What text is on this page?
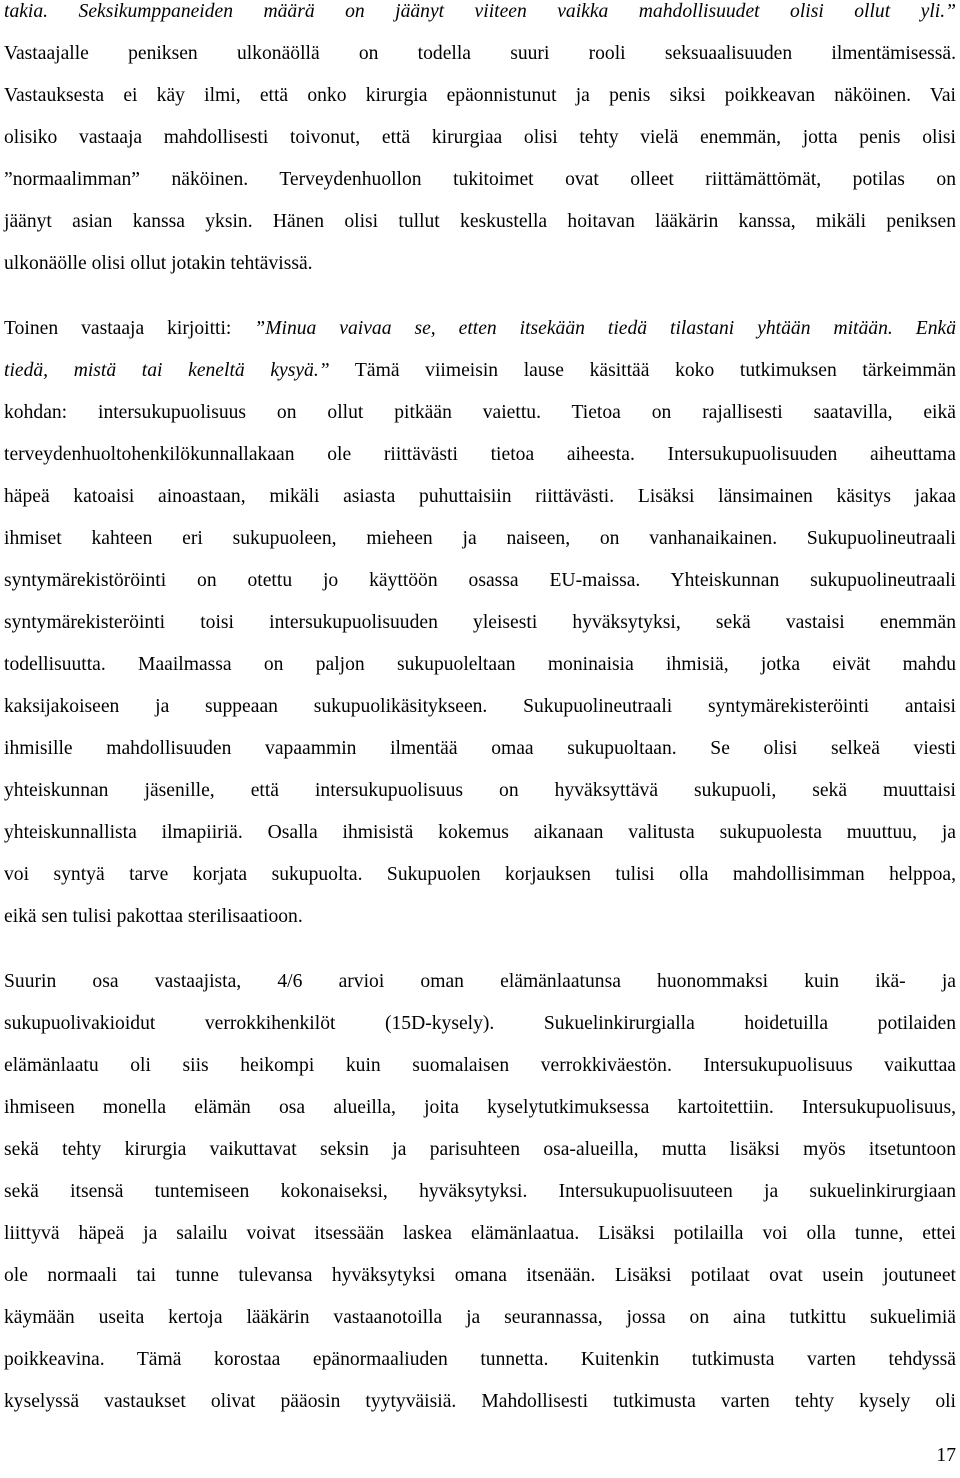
takia. Seksikumppaneiden määrä on jäänyt viiteen vaikka mahdollisuudet olisi ollut yli.”
Vastaajalle peniksen ulkonäöllä on todella suuri rooli seksuaalisuuden ilmentämisessä.
Vastauksesta ei käy ilmi, että onko kirurgia epäonnistunut ja penis siksi poikkeavan näköinen. Vai
olisiko vastaaja mahdollisesti toivonut, että kirurgiaa olisi tehty vielä enemmän, jotta penis olisi
”normaalimman” näköinen. Terveydenhuollon tukitoimet ovat olleet riittämättömät, potilas on
jäänyt asian kanssa yksin. Hänen olisi tullut keskustella hoitavan lääkärin kanssa, mikäli peniksen
ulkonäölle olisi ollut jotakin tehtävissä.
Toinen vastaaja kirjoitti: ”Minua vaivaa se, etten itsekään tiedä tilastani yhtään mitään. Enkä
tiedä, mistä tai keneltä kysyä.” Tämä viimeisin lause käsittää koko tutkimuksen tärkeimmän
kohdan: intersukupuolisuus on ollut pitkään vaiettu. Tietoa on rajallisesti saatavilla, eikä
terveydenhuoltohenkilökunnallakaan ole riittävästi tietoa aiheesta. Intersukupuolisuuden aiheuttama
häpeä katoaisi ainoastaan, mikäli asiasta puhuttaisiin riittävästi. Lisäksi länsimainen käsitys jakaa
ihmiset kahteen eri sukupuoleen, mieheen ja naiseen, on vanhanaikainen. Sukupuolineutraali
syntymärekistöröinti on otettu jo käyttöön osassa EU-maissa. Yhteiskunnan sukupuolineutraali
syntymärekisteröinti toisi intersukupuolisuuden yleisesti hyväksytyksi, sekä vastaisi enemmän
todellisuutta. Maailmassa on paljon sukupuoleltaan moninaisia ihmisiä, jotka eivät mahdu
kaksijakoiseen ja suppeaan sukupuolikäsitykseen. Sukupuolineutraali syntymärekisteröinti antaisi
ihmisille mahdollisuuden vapaammin ilmentää omaa sukupuoltaan. Se olisi selkeä viesti
yhteiskunnan jäsenille, että intersukupuolisuus on hyväksyttävä sukupuoli, sekä muuttaisi
yhteiskunnallista ilmapiiriä. Osalla ihmisistä kokemus aikanaan valitusta sukupuolesta muuttuu, ja
voi syntyä tarve korjata sukupuolta. Sukupuolen korjauksen tulisi olla mahdollisimman helppoa,
eikä sen tulisi pakottaa sterilisaatioon.
Suurin osa vastaajista, 4/6 arvioi oman elämänlaatunsa huonommaksi kuin ikä- ja
sukupuolivakioidut verrokkihenkilöt (15D-kysely). Sukuelinkirurgialla hoidetuilla potilaiden
elämänlaatu oli siis heikompi kuin suomalaisen verrokkiväestön. Intersukupuolisuus vaikuttaa
ihmiseen monella elämän osa alueilla, joita kyselytutkimuksessa kartoitettiin. Intersukupuolisuus,
sekä tehty kirurgia vaikuttavat seksin ja parisuhteen osa-alueilla, mutta lisäksi myös itsetuntoon
sekä itsensä tuntemiseen kokonaiseksi, hyväksytyksi. Intersukupuolisuuteen ja sukuelinkirurgiaan
liittyvä häpeä ja salailu voivat itsessään laskea elämänlaatua. Lisäksi potilailla voi olla tunne, ettei
ole normaali tai tunne tulevansa hyväksytyksi omana itsenään. Lisäksi potilaat ovat usein joutuneet
käymään useita kertoja lääkärin vastaanotoilla ja seurannassa, jossa on aina tutkittu sukuelimiä
poikkeavina. Tämä korostaa epänormaaliuden tunnetta. Kuitenkin tutkimusta varten tehdyssä
kyselyssä vastaukset olivat pääosin tyytyväisiä. Mahdollisesti tutkimusta varten tehty kysely oli
17
